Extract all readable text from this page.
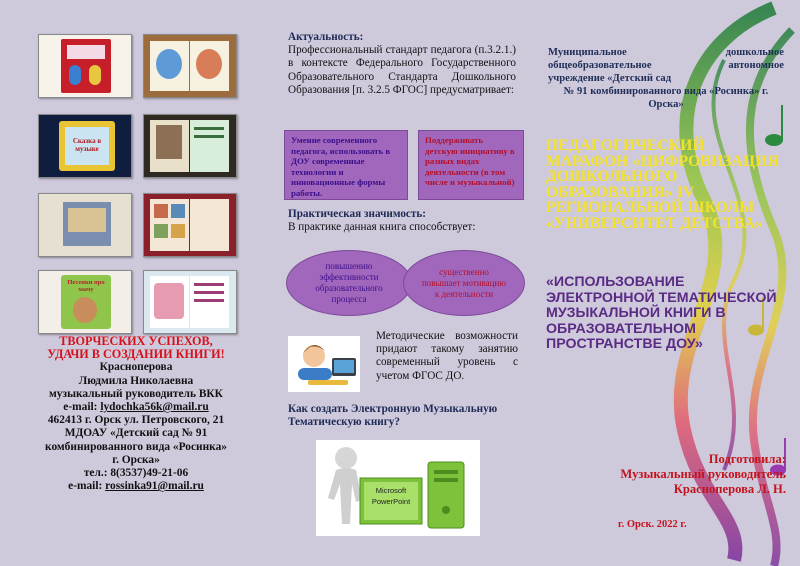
Сказка в музыке
Песенки про маму
ТВОРЧЕСКИХ УСПЕХОВ,
УДАЧИ В СОЗДАНИИ КНИГИ!
Красноперова
Людмила Николаевна
музыкальный руководитель ВКК
e-mail: lydochka56k@mail.ru
462413 г. Орск ул. Петровского, 21
МДОАУ «Детский сад № 91
комбинированного вида «Росинка»
г. Орска»
тел.: 8(3537)49-21-06
e-mail: rossinka91@mail.ru
Актуальность:
Профессиональный стандарт педагога (п.3.2.1.) в контексте Федерального Государственного Образовательного Стандарта Дошкольного Образования [п. 3.2.5 ФГОС] предусматривает:
Умение современного педагога, использовать в ДОУ современные технологии и инновационные формы работы.
Поддерживать детскую инициативу в разных видах деятельности (в том числе и музыкальной)
Практическая значимость:
В практике данная книга способствует:
повышению эффективности образовательного процесса
существенно повышает мотивацию к деятельности
Методические возможности придают такому занятию современный уровень с учетом ФГОС ДО.
Как создать Электронную Музыкальную Тематическую книгу?
Microsoft
PowerPoint
Муниципальное дошкольное
общеобразовательное автономное
учреждение «Детский сад
№ 91 комбинированного вида «Росинка» г. Орска»
ПЕДАГОГИЧЕСКИЙ МАРАФОН «ЦИФРОВИЗАЦИЯ ДОШКОЛЬНОГО ОБРАЗОВАНИЯ» IV РЕГИОНАЛЬНОЙ ШКОЛЫ «УНИВЕРСИТЕТ ДЕТСТВА»
«ИСПОЛЬЗОВАНИЕ ЭЛЕКТРОННОЙ ТЕМАТИЧЕСКОЙ МУЗЫКАЛЬНОЙ КНИГИ В ОБРАЗОВАТЕЛЬНОМ ПРОСТРАНСТВЕ ДОУ»
Подготовила:
Музыкальный руководитель
Красноперова Л. Н.
г. Орск. 2022 г.
